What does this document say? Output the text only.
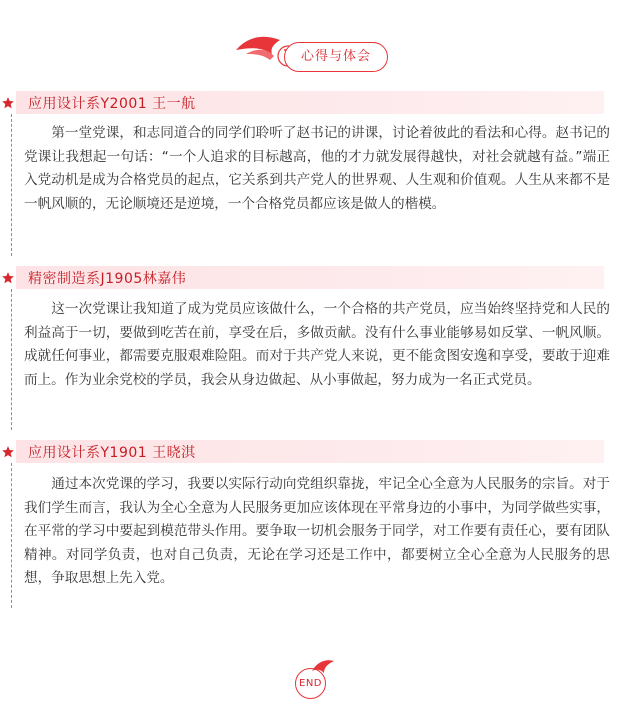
心得与体会
应用设计系Y2001 王一航

第一堂党课，和志同道合的同学们聆听了赵书记的讲课，讨论着彼此的看法和心得。赵书记的党课让我想起一句话：“一个人追求的目标越高，他的才力就发展得越快，对社会就越有益。”端正入党动机是成为合格党员的起点，它关系到共产党人的世界观、人生观和价值观。人生从来都不是一帆风顺的，无论顺境还是逆境，一个合格党员都应该是做人的楷模。

精密制造系J1905林嘉伟

这一次党课让我知道了成为党员应该做什么，一个合格的共产党员，应当始终坚持党和人民的利益高于一切，要做到吃苦在前，享受在后，多做贡献。没有什么事业能够易如反掌、一帆风顺。成就任何事业，都需要克服艰难险阻。而对于共产党人来说，更不能贪图安逸和享受，要敢于迎难而上。作为业余党校的学员，我会从身边做起、从小事做起，努力成为一名正式党员。

应用设计系Y1901 王晓淇

通过本次党课的学习，我要以实际行动向党组织靠拢，牢记全心全意为人民服务的宗旨。对于我们学生而言，我认为全心全意为人民服务更加应该体现在平常身边的小事中，为同学做些实事，在平常的学习中要起到模范带头作用。要争取一切机会服务于同学，对工作要有责任心，要有团队精神。对同学负责，也对自己负责，无论在学习还是工作中，都要树立全心全意为人民服务的思想，争取思想上先入党。

END
